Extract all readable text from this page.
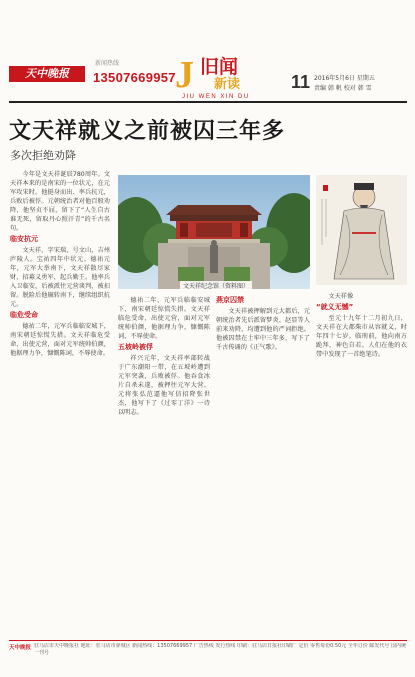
天中晚报
新闻热线
13507669957 J 旧闻
新读
JIU WEN XIN DU
11 2016年5月6日 星期五
责编 韩 帆 校对 韩 雪
文天祥就义之前被囚三年多
多次拒绝劝降

今年是文天祥诞辰780周年。文天祥本来的是南宋的一位状元，在元军攻宋时，他挺身而出、率兵抗元，兵败后被俘。元朝统治者对他百般劝降，他坚贞不屈，留下了“人生自古谁无死，留取丹心照汗青”的千古名句。

临安抗元

文天祥，字宋瑞，号文山，吉州庐陵人。宝祐四年中状元。德祐元年，元军大举南下，文天祥散尽家财，招募义勇军，起兵勤王。他率兵入卫临安，后被派往元营谈判，被扣留。脱险后他辗转南下，继续组织抗元。

临危受命

德祐二年，元军兵临临安城下，南宋朝廷惊慌失措。文天祥临危受命，出使元营，面对元军统帅伯颜，他据理力争，慷慨陈词，不辱使命。

文天祥纪念馆（资料图）

德祐二年，元军兵临临安城下，南宋朝廷惊慌失措。文天祥临危受命，出使元营，面对元军统帅伯颜，他据理力争，慷慨陈词，不辱使命。

五坡岭被俘

祥兴元年，文天祥率部转战于广东潮阳一带，在五坡岭遭到元军突袭，兵败被俘。他吞食冰片自杀未遂，被押往元军大营。元将张弘范逼他写信招降张世杰，他写下了《过零丁洋》一诗以明志。

燕京囚禁

文天祥被押解到元大都后，元朝统治者先后派留梦炎、赵显等人前来劝降，均遭到他的严词拒绝。他被囚禁在土牢中三年多，写下了千古传诵的《正气歌》。

文天祥像

“就义无憾”

至元十九年十二月初九日，文天祥在大都柴市从容就义，时年四十七岁。临刑前，他向南方跪拜，神色自若。人们在他的衣带中发现了一首绝笔诗。

天中晚报 驻马店市天中晚报社 地址：驻马店市驿城区 新闻热线：13507669957 广告热线 发行热线 印刷：驻马店日报社印刷厂 定价 零售每份0.50元 全年订价 邮发代号 国内统一刊号
